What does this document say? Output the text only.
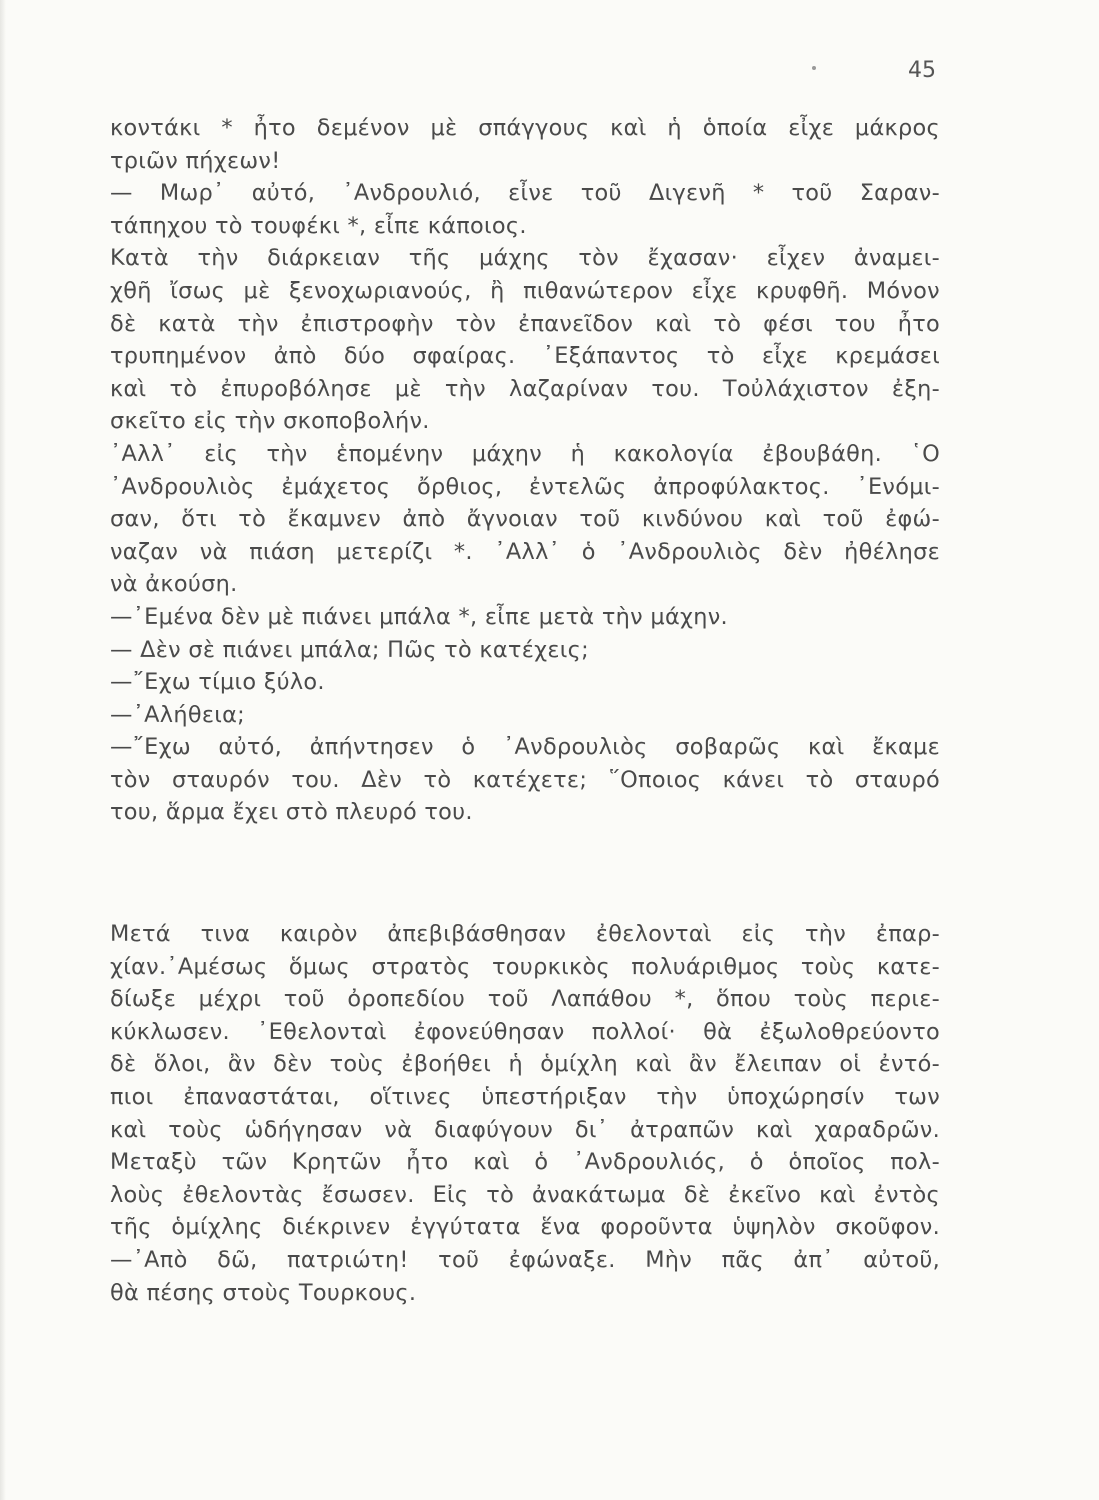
45
κοντάκι * ἦτο δεμένον μὲ σπάγγους καὶ ἡ ὁποία εἶχε μάκρος
τριῶν πήχεων!
— Μωρ᾽ αὐτό, ᾽Ανδρουλιό, εἶνε τοῦ Διγενῆ * τοῦ Σαραν-
τάπηχου τὸ τουφέκι *, εἶπε κάποιος.
Κατὰ τὴν διάρκειαν τῆς μάχης τὸν ἔχασαν· εἶχεν ἀναμει-
χθῆ ἴσως μὲ ξενοχωριανούς, ἢ πιθανώτερον εἶχε κρυφθῆ. Μόνον
δὲ κατὰ τὴν ἐπιστροφὴν τὸν ἐπανεῖδον καὶ τὸ φέσι του ἦτο
τρυπημένον ἀπὸ δύο σφαίρας. ᾽Εξάπαντος τὸ εἶχε κρεμάσει
καὶ τὸ ἐπυροβόλησε μὲ τὴν λαζαρίναν του. Τοὐλάχιστον ἐξη-
σκεῖτο εἰς τὴν σκοποβολήν.
᾽Αλλ᾽ εἰς τὴν ἑπομένην μάχην ἡ κακολογία ἐβουβάθη. ῾Ο
᾽Ανδρουλιὸς ἐμάχετος ὄρθιος, ἐντελῶς ἀπροφύλακτος. ᾽Ενόμι-
σαν, ὅτι τὸ ἔκαμνεν ἀπὸ ἄγνοιαν τοῦ κινδύνου καὶ τοῦ ἐφώ-
ναζαν νὰ πιάση μετερίζι *. ᾽Αλλ᾽ ὁ ᾽Ανδρουλιὸς δὲν ἠθέλησε
νὰ ἀκούση.
—᾽Εμένα δὲν μὲ πιάνει μπάλα *, εἶπε μετὰ τὴν μάχην.
— Δὲν σὲ πιάνει μπάλα; Πῶς τὸ κατέχεις;
—῎Εχω τίμιο ξύλο.
—᾽Αλήθεια;
—῎Εχω αὐτό, ἀπήντησεν ὁ ᾽Ανδρουλιὸς σοβαρῶς καὶ ἔκαμε
τὸν σταυρόν του. Δὲν τὸ κατέχετε; ῞Οποιος κάνει τὸ σταυρό
του, ἅρμα ἔχει στὸ πλευρό του.
Μετά τινα καιρὸν ἀπεβιβάσθησαν ἐθελονταὶ εἰς τὴν ἐπαρ-
χίαν.᾽Αμέσως ὅμως στρατὸς τουρκικὸς πολυάριθμος τοὺς κατε-
δίωξε μέχρι τοῦ ὀροπεδίου τοῦ Λαπάθου *, ὅπου τοὺς περιε-
κύκλωσεν. ᾽Εθελονταὶ ἐφονεύθησαν πολλοί· θὰ ἐξωλοθρεύοντο
δὲ ὅλοι, ἂν δὲν τοὺς ἐβοήθει ἡ ὁμίχλη καὶ ἂν ἔλειπαν οἱ ἐντό-
πιοι ἐπαναστάται, οἵτινες ὑπεστήριξαν τὴν ὑποχώρησίν των
καὶ τοὺς ὡδήγησαν νὰ διαφύγουν δι᾽ ἀτραπῶν καὶ χαραδρῶν.
Μεταξὺ τῶν Κρητῶν ἦτο καὶ ὁ ᾽Ανδρουλιός, ὁ ὁποῖος πολ-
λοὺς ἐθελοντὰς ἔσωσεν. Εἰς τὸ ἀνακάτωμα δὲ ἐκεῖνο καὶ ἐντὸς
τῆς ὁμίχλης διέκρινεν ἐγγύτατα ἕνα φοροῦντα ὑψηλὸν σκοῦφον.
—᾽Απὸ δῶ, πατριώτη! τοῦ ἐφώναξε. Μὴν πᾶς ἀπ᾽ αὐτοῦ,
θὰ πέσης στοὺς Τουρκους.
